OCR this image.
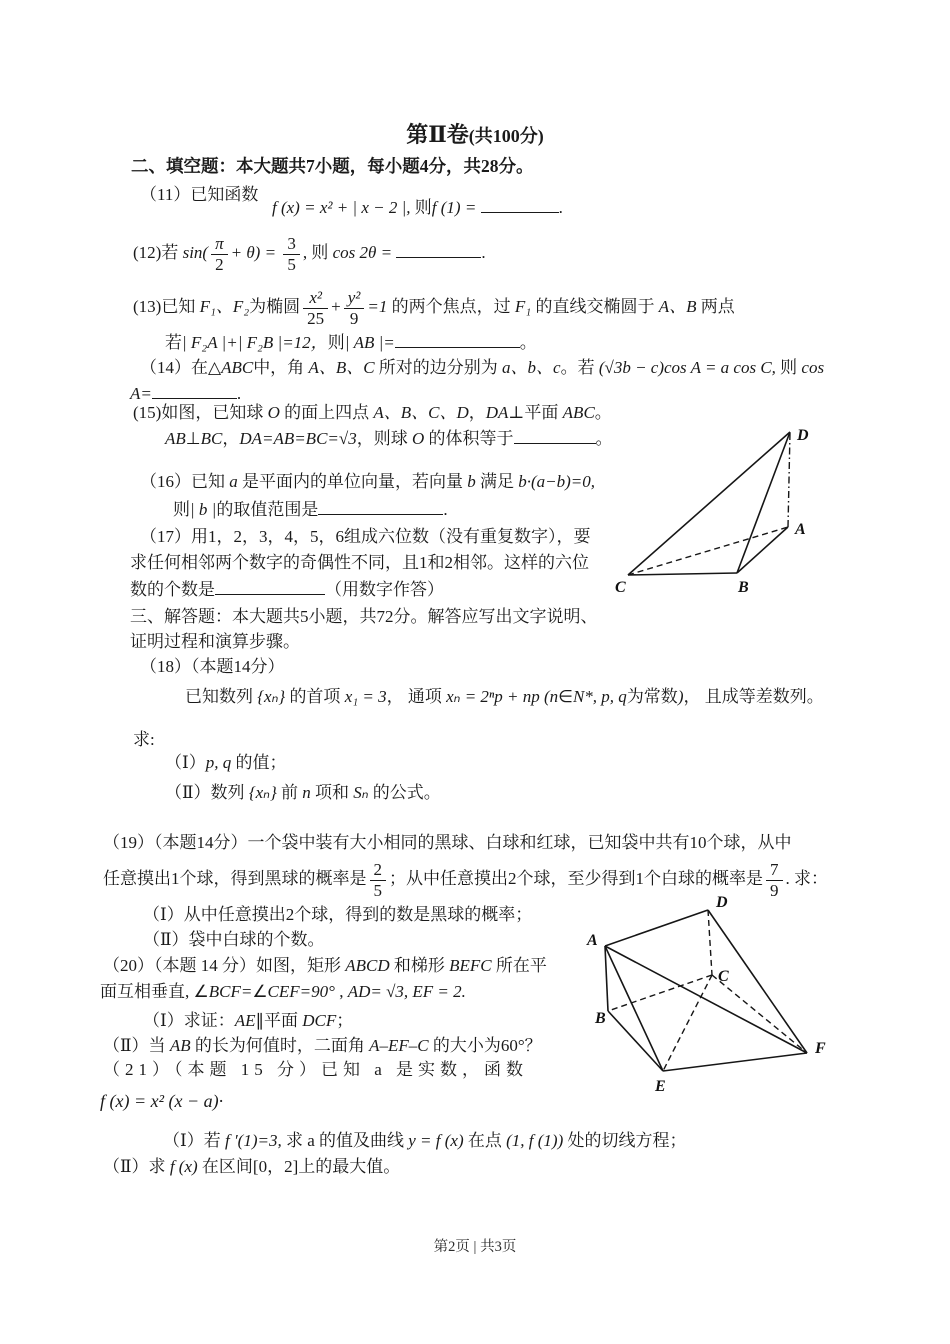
第Ⅱ卷(共100分)
二、填空题：本大题共7小题，每小题4分，共28分。
（11）已知函数
f (x) = x² + | x − 2 |, 则f (1) =	.
(12)若 $\sin( \frac{\pi}{2} + \theta) = \frac{3}{5}$ , 则 cos 2θ =	.
(13)已知 F₁、F₂为椭圆 $\frac{\text{x²}}{25} + \frac{\text{y²}}{9} =1$ 的两个焦点，过 F₁ 的直线交椭圆于 A、B 两点
若| F₂A |+| F₂B |=12，则| AB |=	。
（14）在△ABC中，角 A、B、C 所对的边分别为 a、b、c。若 (√3b − c)cos A = a cos C, 则 cos
A=	.
(15)如图，已知球 O 的面上四点 A、B、C、D，DA⊥平面 ABC。
AB⊥BC，DA=AB=BC=√3，则球 O 的体积等于	。	D
A
B
C
（16）已知 a 是平面内的单位向量，若向量 b 满足 b·(a−b)=0,
则| b |的取值范围是	.
（17）用1，2，3，4，5，6组成六位数（没有重复数字），要
求任何相邻两个数字的奇偶性不同，且1和2相邻。这样的六位
数的个数是	（用数字作答）
三、解答题：本大题共5小题，共72分。解答应写出文字说明、
证明过程和演算步骤。
（18）（本题14分）
已知数列 {xₙ} 的首项 x₁ = 3， 通项 xₙ = 2ⁿp + np (n∈N*, p, q为常数)， 且成等差数列。
求:
（Ⅰ）p, q 的值；
（Ⅱ）数列 {xₙ} 前 n 项和 Sₙ 的公式。
（19）（本题14分）一个袋中装有大小相同的黑球、白球和红球，已知袋中共有10个球，从中
任意摸出1个球，得到黑球的概率是 $\frac{2}{5}$ ；从中任意摸出2个球，至少得到1个白球的概率是 $\frac{7}{9}$ . 求：
（Ⅰ）从中任意摸出2个球，得到的数是黑球的概率；
（Ⅱ）袋中白球的个数。
（20）（本题 14 分）如图，矩形 ABCD 和梯形 BEFC 所在平
面互相垂直, ∠BCF=∠CEF=90° , AD= √3, EF = 2.
（Ⅰ）求证：AE∥平面 DCF；
（Ⅱ）当 AB 的长为何值时，二面角 A–EF–C 的大小为60°？
（21）（本题 15 分）已知 a 是实数，函数
f (x) = x² (x − a)·
（Ⅰ）若 f ′(1)=3, 求 a 的值及曲线 y = f (x) 在点 (1, f (1)) 处的切线方程；
（Ⅱ）求 f (x) 在区间[0，2]上的最大值。
D
A
C
B
E
F
第2页 | 共3页
